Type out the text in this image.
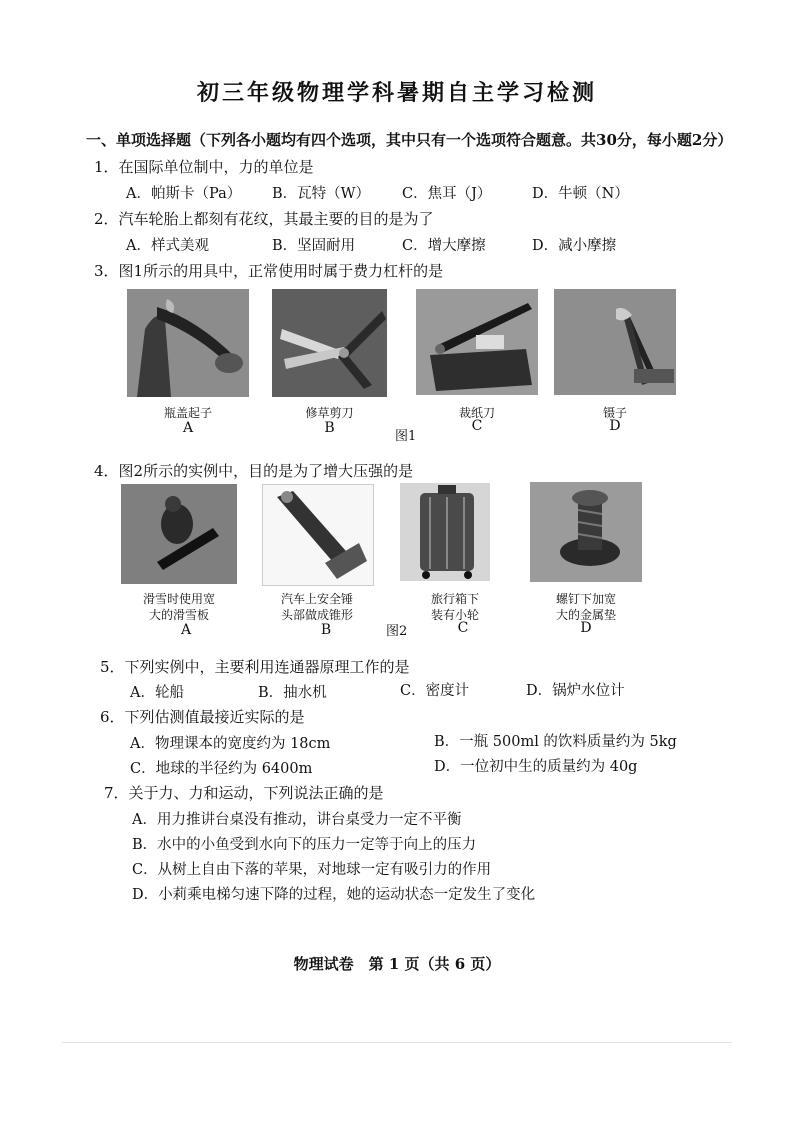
初三年级物理学科暑期自主学习检测
一、单项选择题（下列各小题均有四个选项，其中只有一个选项符合题意。共30分，每小题2分）
1．在国际单位制中，力的单位是
A．帕斯卡（Pa） B．瓦特（W） C．焦耳（J）	D．牛顿（N）
2．汽车轮胎上都刻有花纹，其最主要的目的是为了
A．样式美观	B．坚固耐用	C．增大摩擦	D．减小摩擦
3．图1所示的用具中，正常使用时属于费力杠杆的是
瓶盖起子	修草剪刀	裁纸刀	镊子
A	B	C	D
图1
4．图2所示的实例中，目的是为了增大压强的是
滑雪时使用宽
大的滑雪板
汽车上安全锤
头部做成锥形
旅行箱下
装有小轮
螺钉下加宽
大的金属垫
A	B	C	D
图2
5．下列实例中，主要利用连通器原理工作的是
A．轮船	B．抽水机	C．密度计	D．锅炉水位计
6．下列估测值最接近实际的是
A．物理课本的宽度约为 18cm	B．一瓶 500ml 的饮料质量约为 5kg
C．地球的半径约为 6400m	D．一位初中生的质量约为 40g
7．关于力、力和运动，下列说法正确的是
A．用力推讲台桌没有推动，讲台桌受力一定不平衡
B．水中的小鱼受到水向下的压力一定等于向上的压力
C．从树上自由下落的苹果，对地球一定有吸引力的作用
D．小莉乘电梯匀速下降的过程，她的运动状态一定发生了变化
物理试卷　第 1 页（共 6 页）
